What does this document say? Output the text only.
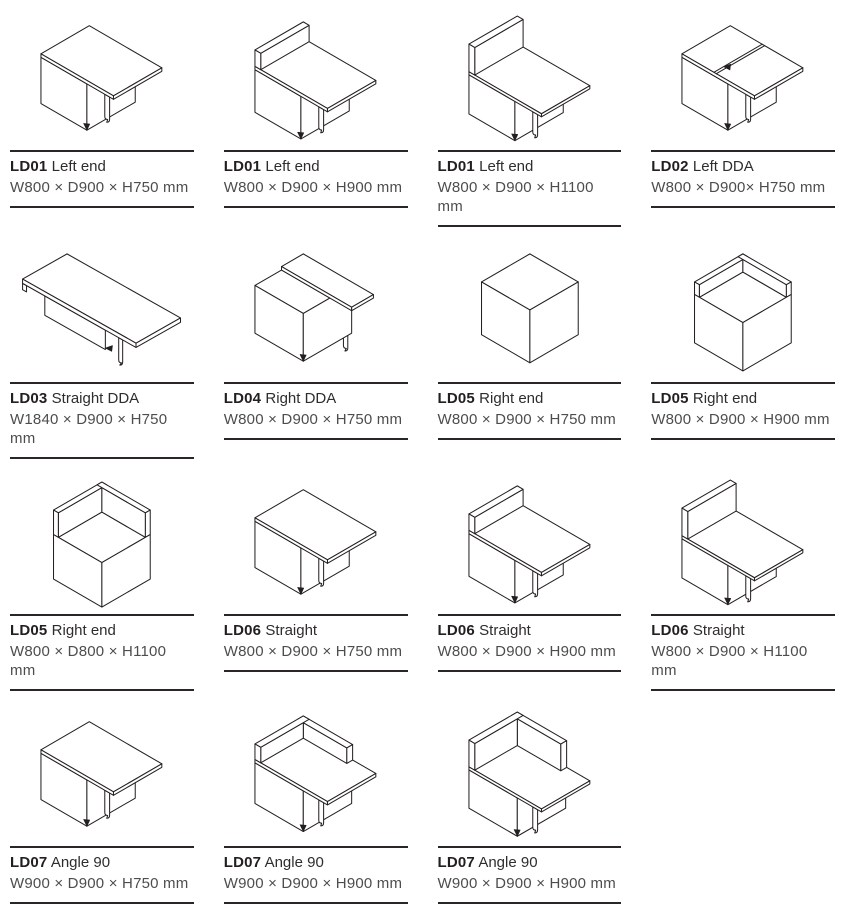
LD01 Left end
W800 × D900 × H750 mm
LD01 Left end
W800 × D900 × H900 mm
LD01 Left end
W800 × D900 × H1100 mm
LD02 Left DDA
W800 × D900× H750 mm
LD03 Straight DDA
W1840 × D900 × H750 mm
LD04 Right DDA
W800 × D900 × H750 mm
LD05 Right end
W800 × D900 × H750 mm
LD05 Right end
W800 × D900 × H900 mm
LD05 Right end
W800 × D800 × H1100 mm
LD06 Straight
W800 × D900 × H750 mm
LD06 Straight
W800 × D900 × H900 mm
LD06 Straight
W800 × D900 × H1100 mm
LD07 Angle 90
W900 × D900 × H750 mm
LD07 Angle 90
W900 × D900 × H900 mm
LD07 Angle 90
W900 × D900 × H900 mm
